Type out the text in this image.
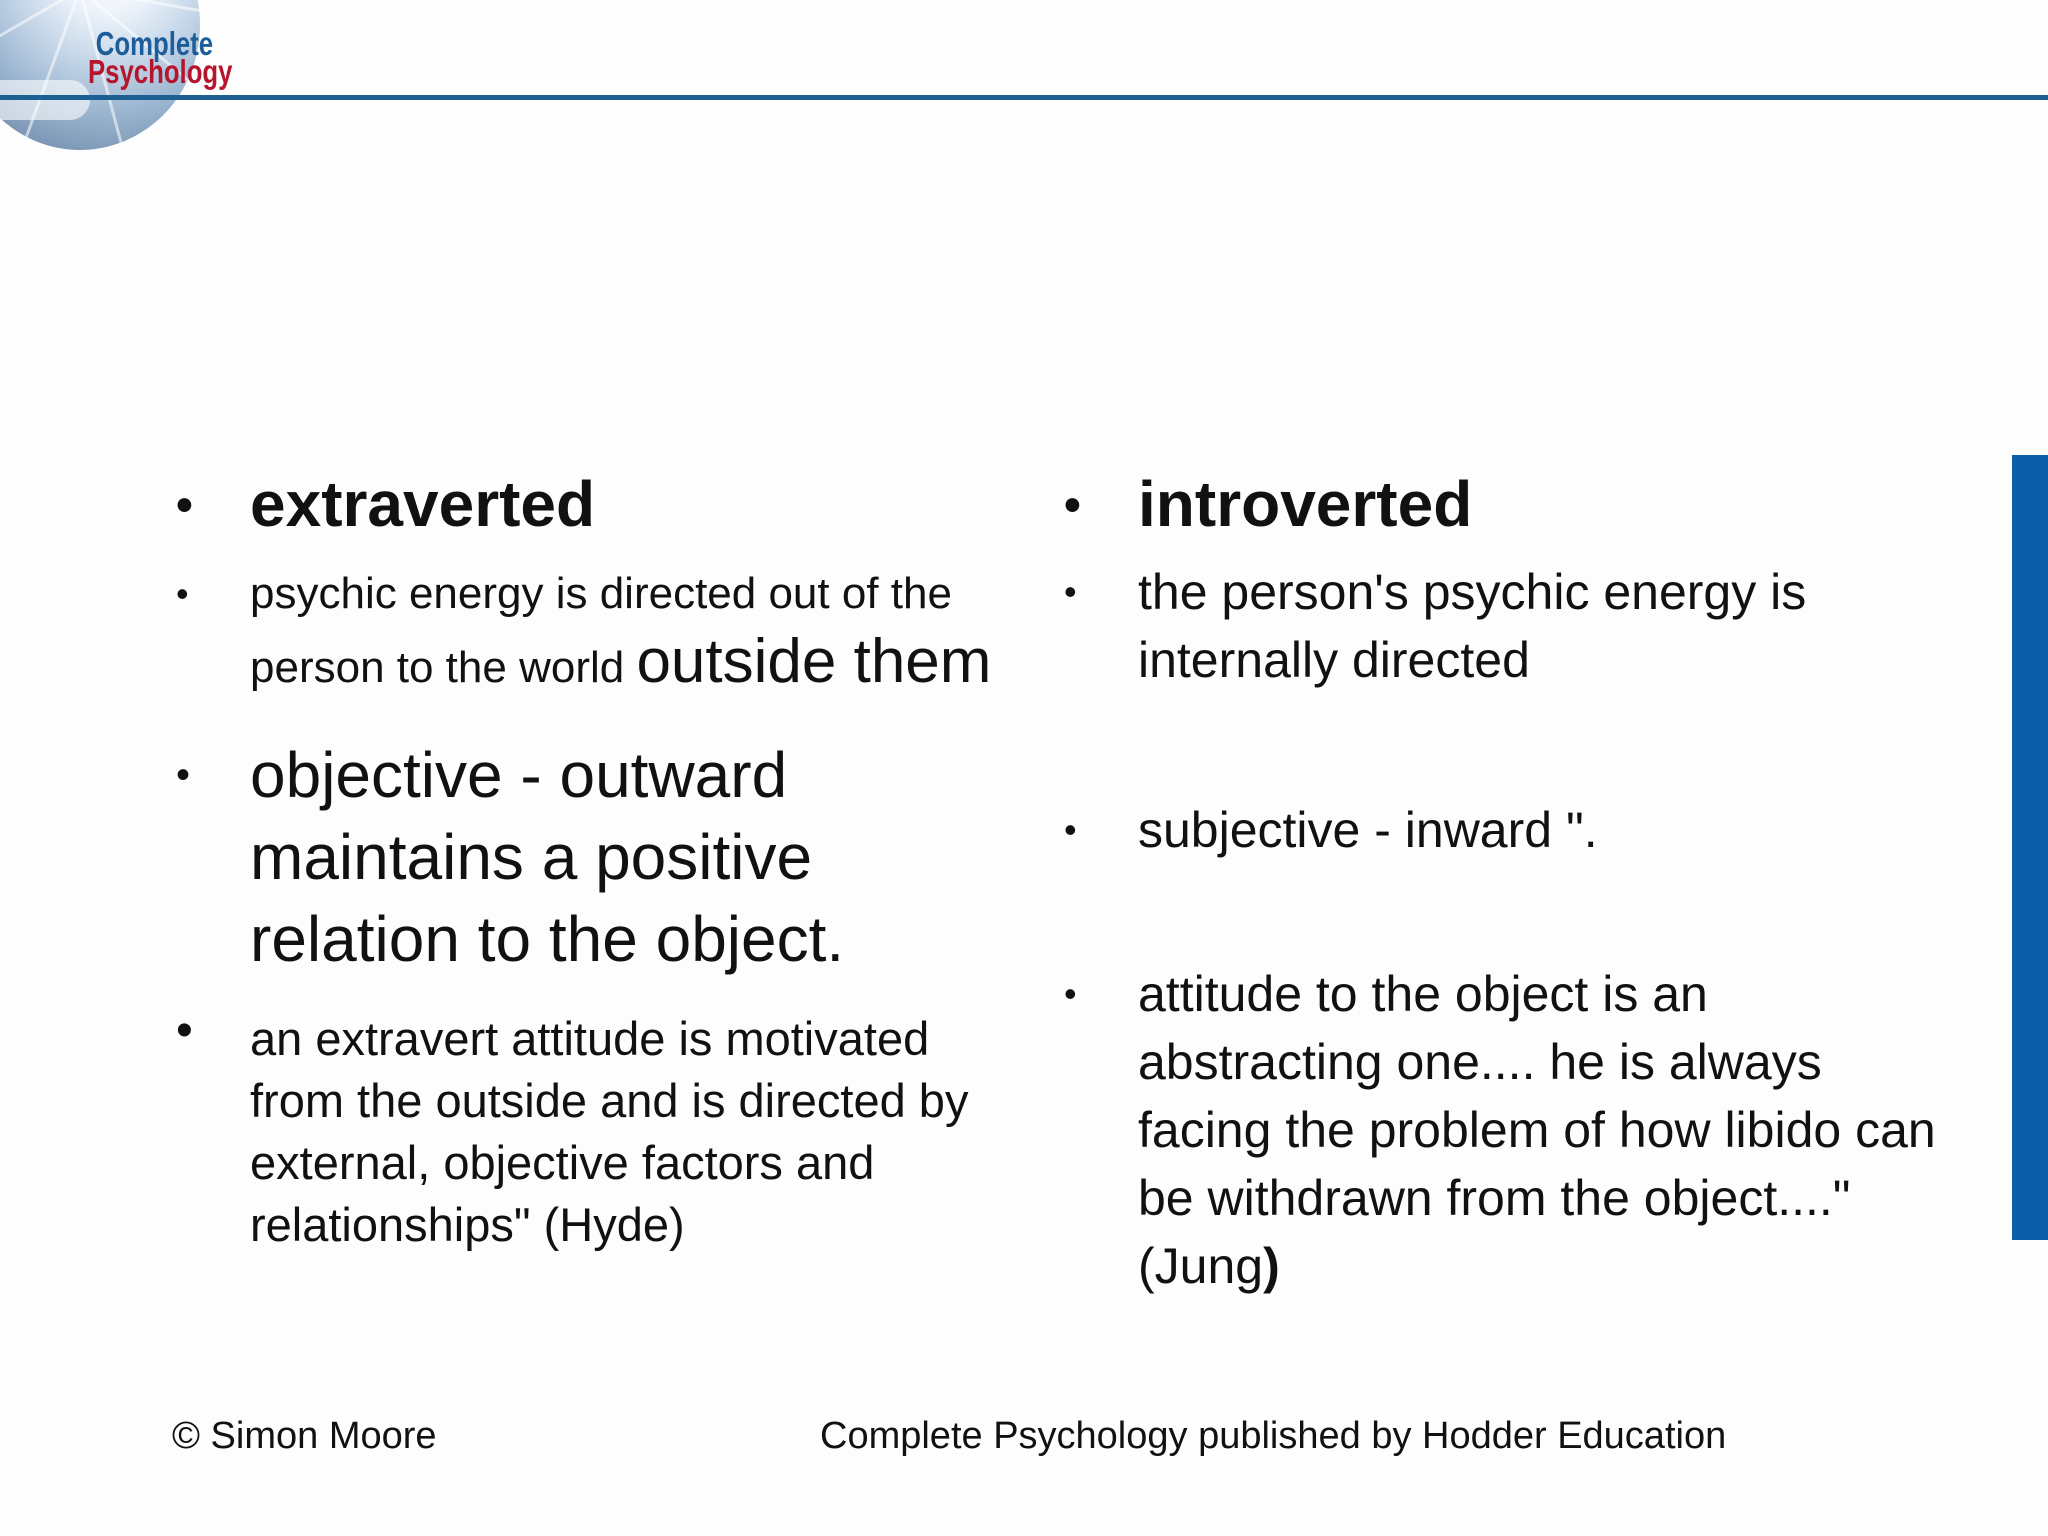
Complete
Psychology
• extraverted
• psychic energy is directed out of the person to the world outside them
• objective - outward maintains a positive relation to the object.
• an extravert attitude is motivated from the outside and is directed by external, objective factors and relationships" (Hyde)
• introverted
• the person's psychic energy is internally directed
• subjective - inward ".
• attitude to the object is an abstracting one.... he is always facing the problem of how libido can be withdrawn from the object...." (Jung)
© Simon Moore	Complete Psychology published by Hodder Education
